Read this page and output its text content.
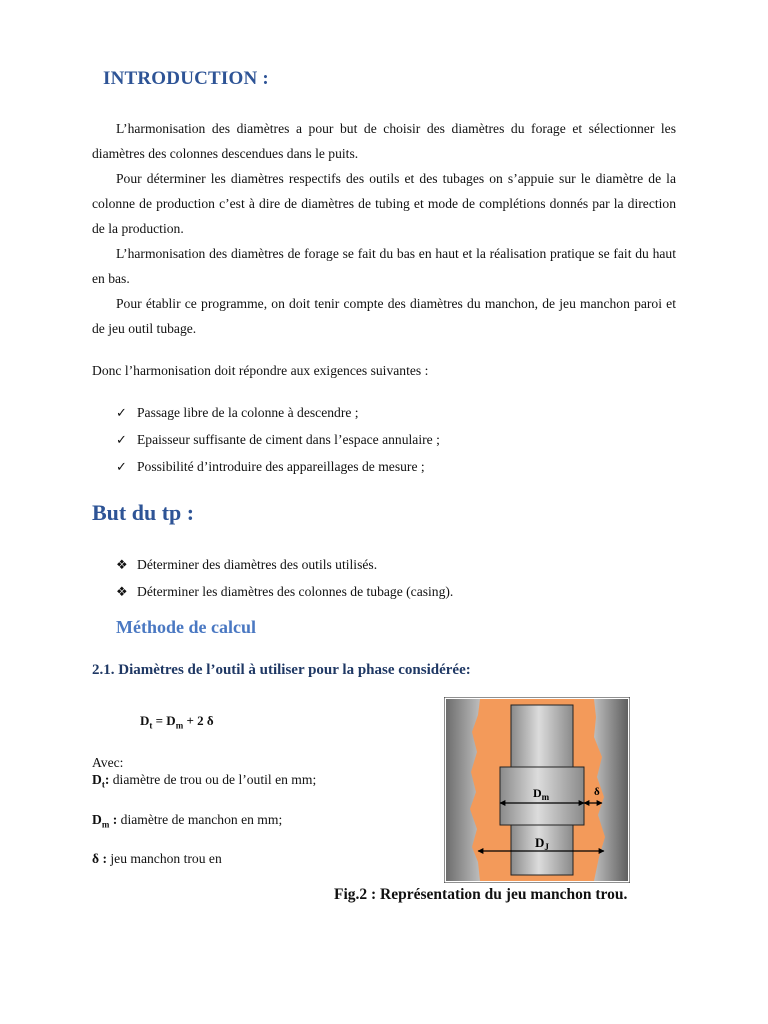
INTRODUCTION :

L’harmonisation des diamètres a pour but de choisir des diamètres du forage et sélectionner les diamètres des colonnes descendues dans le puits.

Pour déterminer les diamètres respectifs des outils et des tubages on s’appuie sur le diamètre de la colonne de production c’est à dire de diamètres de tubing et mode de complétions donnés par la direction de la production.

L’harmonisation des diamètres de forage se fait du bas en haut et la réalisation pratique se fait du haut en bas.

Pour établir ce programme, on doit tenir compte des diamètres du manchon, de jeu manchon paroi et de jeu outil tubage.

Donc l’harmonisation doit répondre aux exigences suivantes :

✓ Passage libre de la colonne à descendre ;
✓ Epaisseur suffisante de ciment dans l’espace annulaire ;
✓ Possibilité d’introduire des appareillages de mesure ;
But du tp :
❖ Déterminer des diamètres des outils utilisés.
❖ Déterminer les diamètres des colonnes de tubage (casing).
Méthode de calcul
2.1. Diamètres de l’outil à utiliser pour la phase considérée:

$D_t = D_m + 2$ δ

Avec:

$D_t$: diamètre de trou ou de l’outil en mm;

$D_m$ : diamètre de manchon en mm;

δ : jeu manchon trou en

$D_m$	δ
$D_J$

Fig.2 : Représentation du jeu manchon trou.
